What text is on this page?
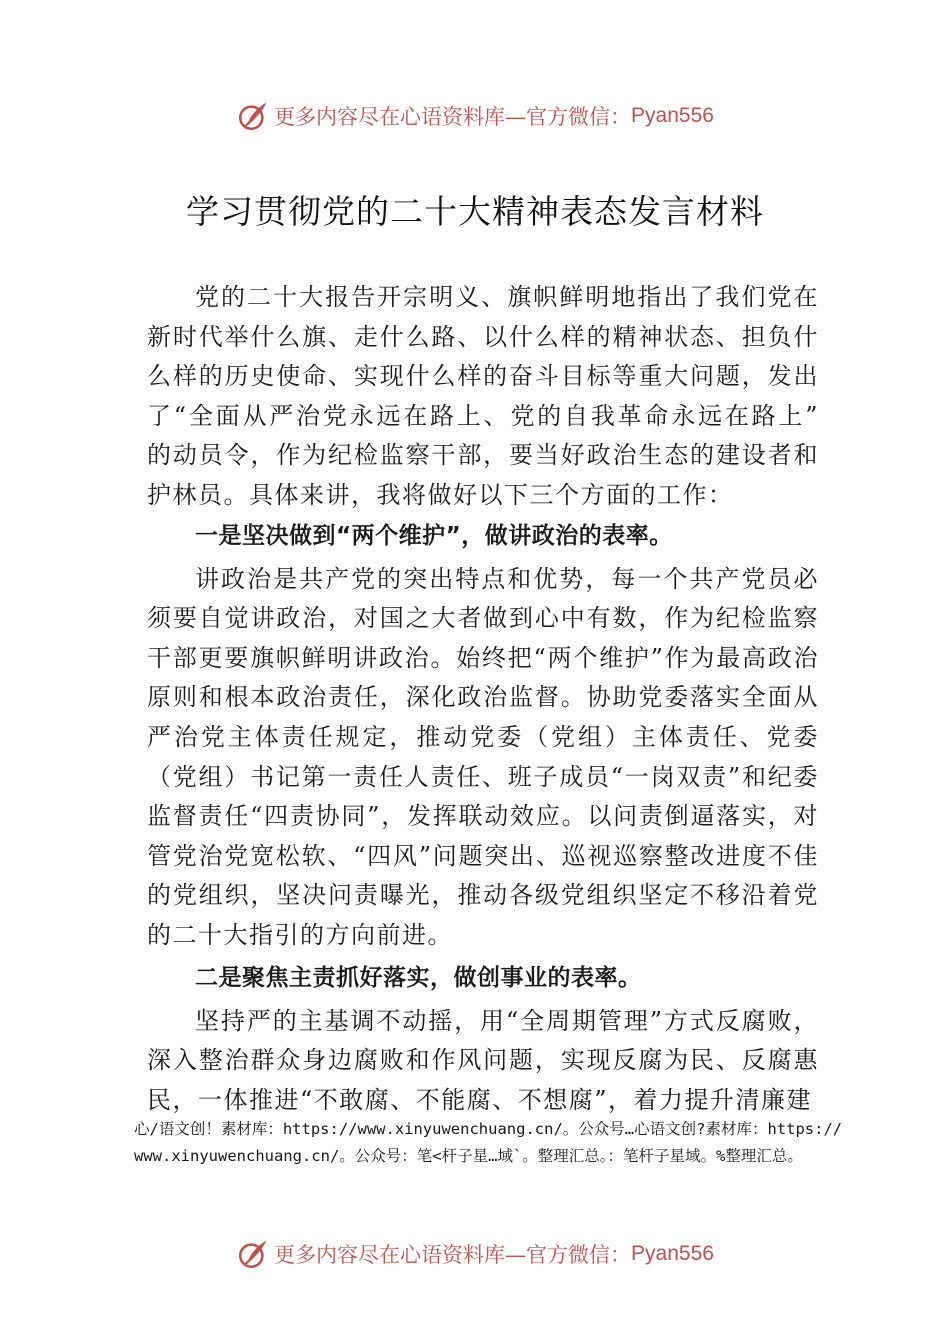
更多内容尽在心语资料库—官方微信： Pyan556
学习贯彻党的二十大精神表态发言材料

党的二十大报告开宗明义、旗帜鲜明地指出了我们党在新时代举什么旗、走什么路、以什么样的精神状态、担负什么样的历史使命、实现什么样的奋斗目标等重大问题，发出了“全面从严治党永远在路上、党的自我革命永远在路上” 的动员令，作为纪检监察干部，要当好政治生态的建设者和护林员。具体来讲，我将做好以下三个方面的工作：

一是坚决做到“两个维护”，做讲政治的表率。

讲政治是共产党的突出特点和优势，每一个共产党员必须要自觉讲政治，对国之大者做到心中有数，作为纪检监察干部更要旗帜鲜明讲政治。始终把“两个维护”作为最高政治原则和根本政治责任，深化政治监督。协助党委落实全面从严治党主体责任规定，推动党委（党组）主体责任、党委（党组）书记第一责任人责任、班子成员“一岗双责”和纪委监督责任“四责协同”，发挥联动效应。以问责倒逼落实，对管党治党宽松软、“四风”问题突出、巡视巡察整改进度不佳的党组织，坚决问责曝光，推动各级党组织坚定不移沿着党的二十大指引的方向前进。

二是聚焦主责抓好落实，做创事业的表率。

坚持严的主基调不动摇，用“全周期管理”方式反腐败，深入整治群众身边腐败和作风问题，实现反腐为民、反腐惠民，一体推进“不敢腐、不能腐、不想腐”，着力提升清廉建

心/语文创！素材库：https://www.xinyuwenchuang.cn/。公众号…心语文创?素材库：https://www.xinyuwenchuang.cn/。公众号：笔<杆子星…域`。整理汇总。：笔杆子星域。%整理汇总。

更多内容尽在心语资料库—官方微信： Pyan556
